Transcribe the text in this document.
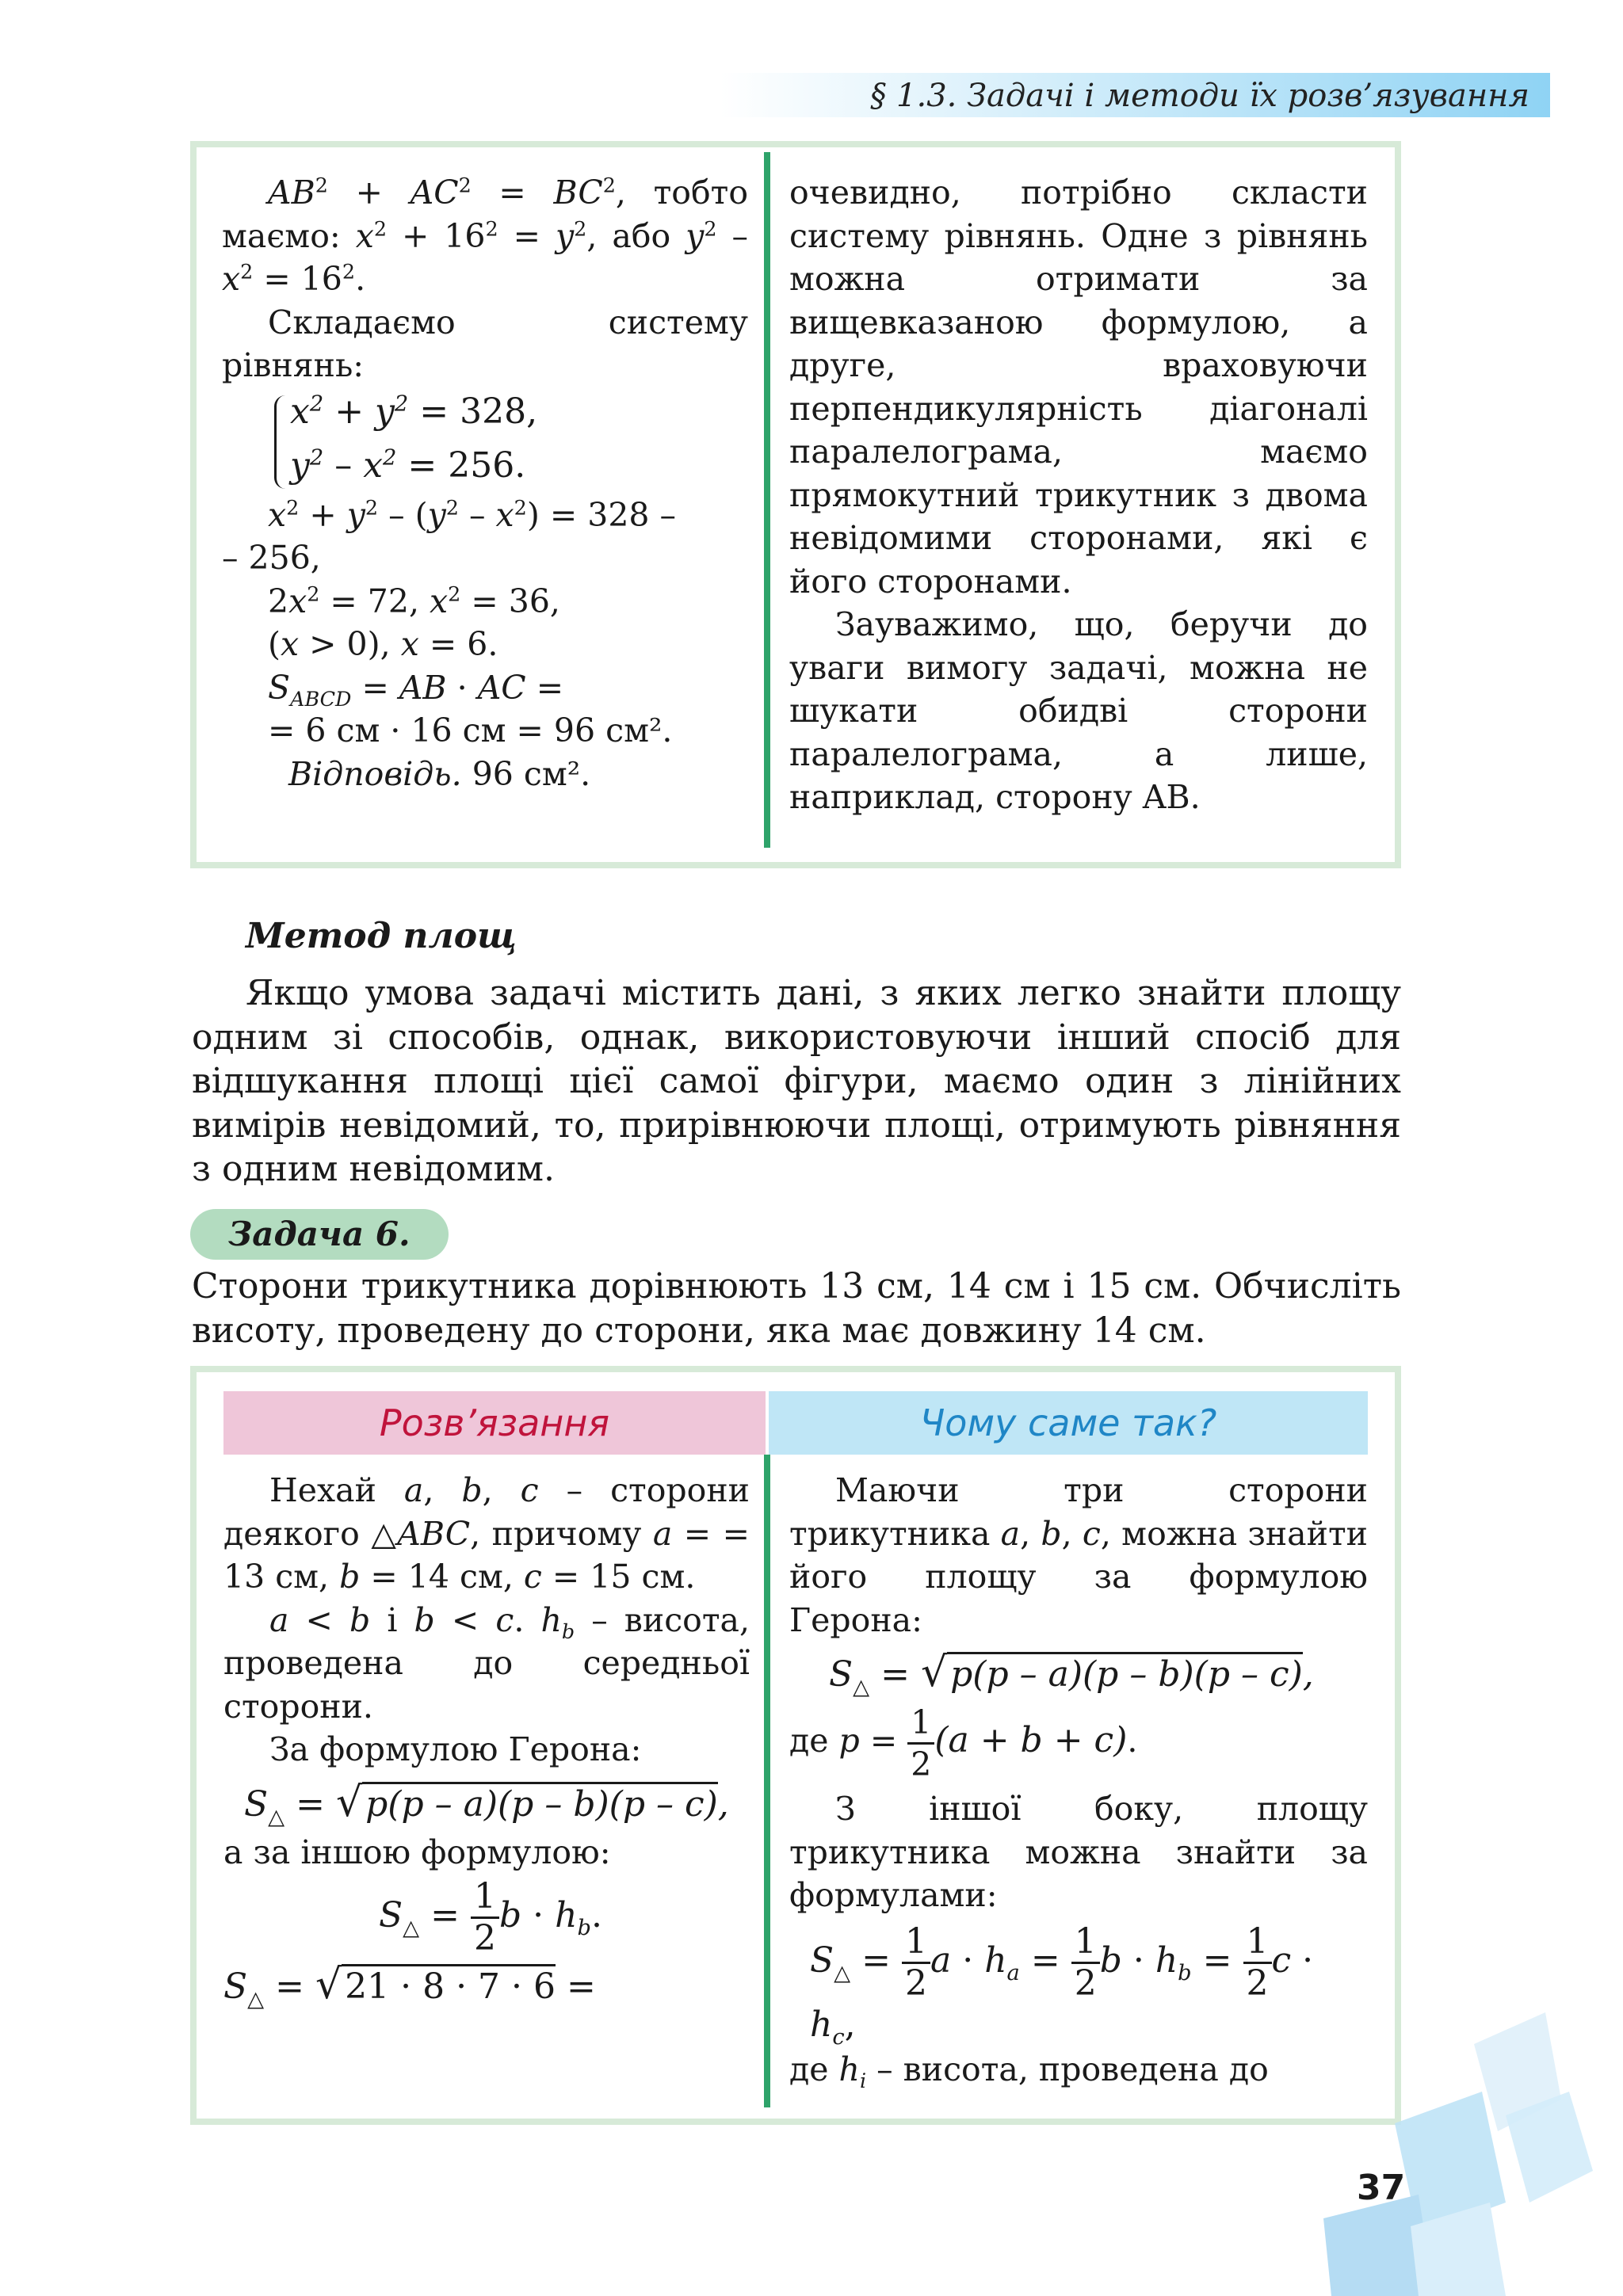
§ 1.3. Задачі і методи їх розв’язування
$AB^2 + AC^2 = BC^2$, тобто маємо: $x^2 + 16^2 = y^2$, або $y^2 - x^2 = 16^2$.
Складаємо систему рівнянь:
$x^2 + y^2 = 328$,
$y^2 - x^2 = 256$.
$x^2 + y^2 - (y^2 - x^2) = 328$ –
– 256,
$2x^2 = 72$, $x^2 = 36$,
(x > 0), x = 6.
$S_{ABCD}$ = AB · AC =
= 6 см · 16 см = 96 см².
Відповідь. 96 см².
очевидно, потрібно скласти систему рівнянь. Одне з рівнянь можна отримати за вищевказаною формулою, а друге, враховуючи перпендикулярність діагоналі паралелограма, маємо прямокутний трикутник з двома невідомими сторонами, які є його сторонами.
Зауважимо, що, беручи до уваги вимогу задачі, можна не шукати обидві сторони паралелограма, а лише, наприклад, сторону AB.
Метод площ
Якщо умова задачі містить дані, з яких легко знайти площу одним зі способів, однак, використовуючи інший спосіб для відшукання площі цієї самої фігури, маємо один з лінійних вимірів невідомий, то, прирівнюючи площі, отримують рівняння з одним невідомим.
Задача 6.
Сторони трикутника дорівнюють 13 см, 14 см і 15 см. Обчисліть висоту, проведену до сторони, яка має довжину 14 см.
Розв’язання	Чому саме так?
Нехай a, b, c – сторони деякого △ABC, причому a = = 13 см, b = 14 см, c = 15 см.
a < b і b < c. $h_b$ – висота, проведена до середньої сторони.
За формулою Герона:
$S_\triangle = √p(p - a)(p - b)(p - c)$,
а за іншою формулою:
$S_\triangle = \frac{1}{2}$ $b \cdot h_b$.
$S_\triangle = √21 \cdot 8 \cdot 7 \cdot 6$ =
Маючи три сторони трикутника a, b, c, можна знайти його площу за формулою Герона:
$S_\triangle = √p(p - a)(p - b)(p - c)$,
де $p = \frac{1}{2} (a + b + c)$.
З іншої боку, площу трикутника можна знайти за формулами:
$S_\triangle = \frac{1}{2}$ $a \cdot h_a = \frac{1}{2}$ $b \cdot h_b = \frac{1}{2}$ $c \cdot h_c$,
де $h_i$ – висота, проведена до
37
